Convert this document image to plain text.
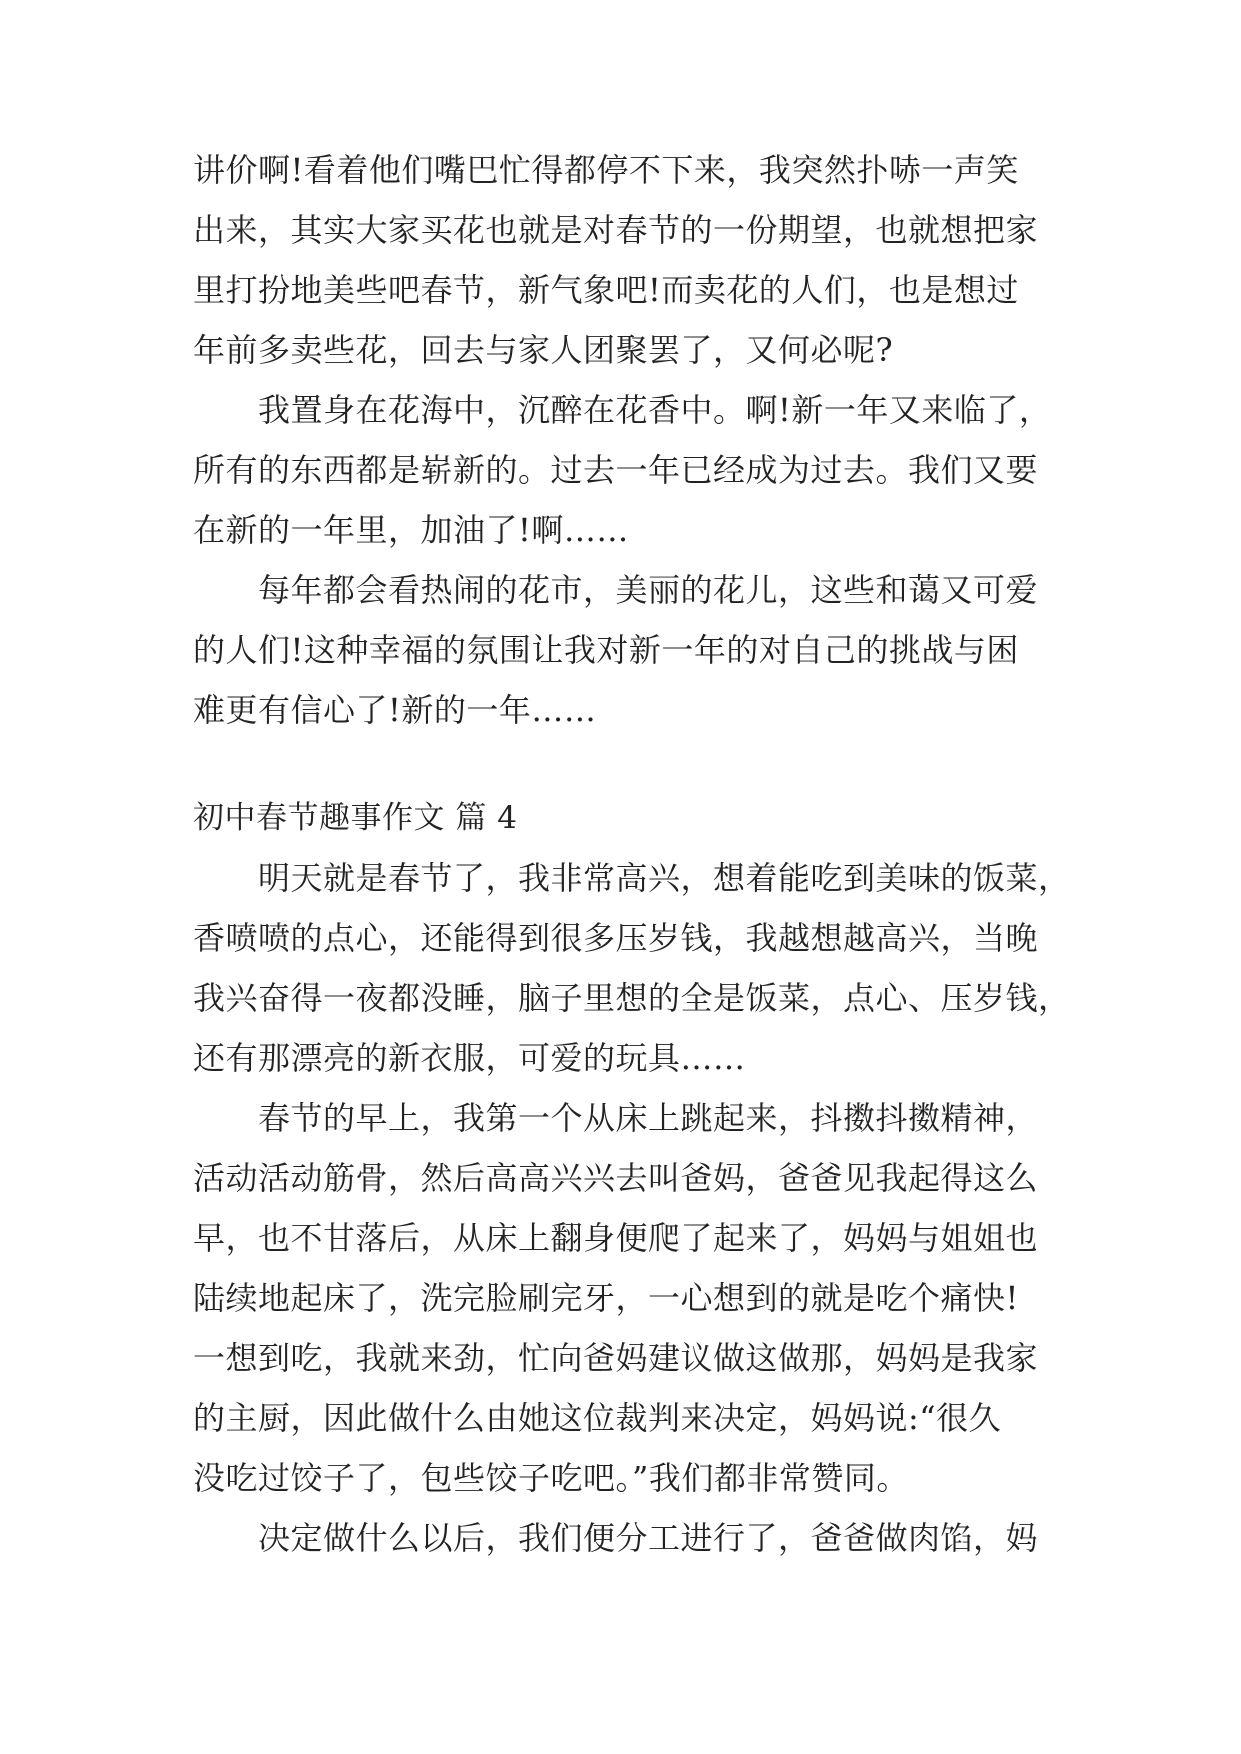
讲价啊!看着他们嘴巴忙得都停不下来，我突然扑哧一声笑
出来，其实大家买花也就是对春节的一份期望，也就想把家
里打扮地美些吧春节，新气象吧!而卖花的人们，也是想过
年前多卖些花，回去与家人团聚罢了，又何必呢?
我置身在花海中，沉醉在花香中。啊!新一年又来临了，
所有的东西都是崭新的。过去一年已经成为过去。我们又要
在新的一年里，加油了!啊……
每年都会看热闹的花市，美丽的花儿，这些和蔼又可爱
的人们!这种幸福的氛围让我对新一年的对自己的挑战与困
难更有信心了!新的一年……
初中春节趣事作文 篇 4
明天就是春节了，我非常高兴，想着能吃到美味的饭菜，
香喷喷的点心，还能得到很多压岁钱，我越想越高兴，当晚
我兴奋得一夜都没睡，脑子里想的全是饭菜，点心、压岁钱，
还有那漂亮的新衣服，可爱的玩具……
春节的早上，我第一个从床上跳起来，抖擞抖擞精神，
活动活动筋骨，然后高高兴兴去叫爸妈，爸爸见我起得这么
早，也不甘落后，从床上翻身便爬了起来了，妈妈与姐姐也
陆续地起床了，洗完脸刷完牙，一心想到的就是吃个痛快!
一想到吃，我就来劲，忙向爸妈建议做这做那，妈妈是我家
的主厨，因此做什么由她这位裁判来决定，妈妈说:“很久
没吃过饺子了，包些饺子吃吧。”我们都非常赞同。
决定做什么以后，我们便分工进行了，爸爸做肉馅，妈
